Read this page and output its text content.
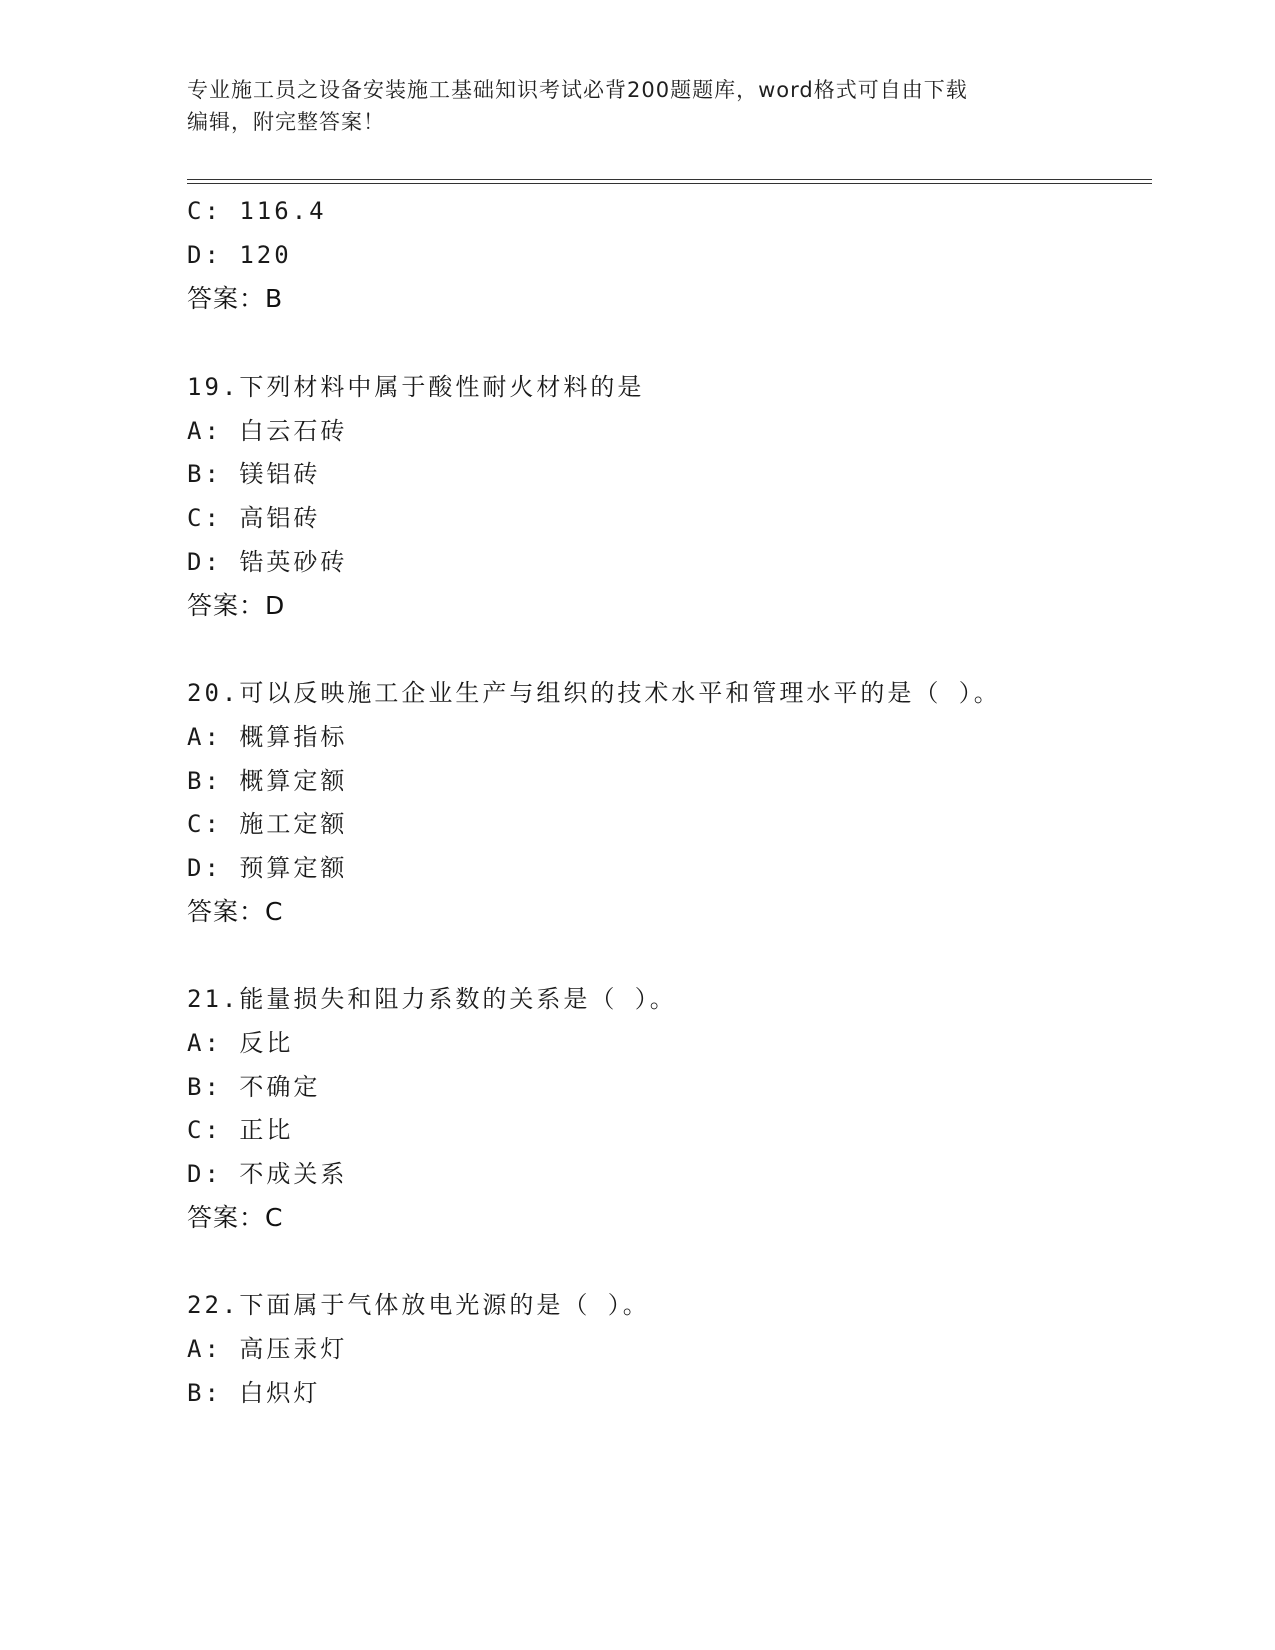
专业施工员之设备安装施工基础知识考试必背200题题库，word格式可自由下载
编辑，附完整答案！
C: 116.4
D: 120
答案：B
19.下列材料中属于酸性耐火材料的是
A: 白云石砖
B: 镁铝砖
C: 高铝砖
D: 锆英砂砖
答案：D
20.可以反映施工企业生产与组织的技术水平和管理水平的是（ ）。
A: 概算指标
B: 概算定额
C: 施工定额
D: 预算定额
答案：C
21.能量损失和阻力系数的关系是（ ）。
A: 反比
B: 不确定
C: 正比
D: 不成关系
答案：C
22.下面属于气体放电光源的是（ ）。
A: 高压汞灯
B: 白炽灯
